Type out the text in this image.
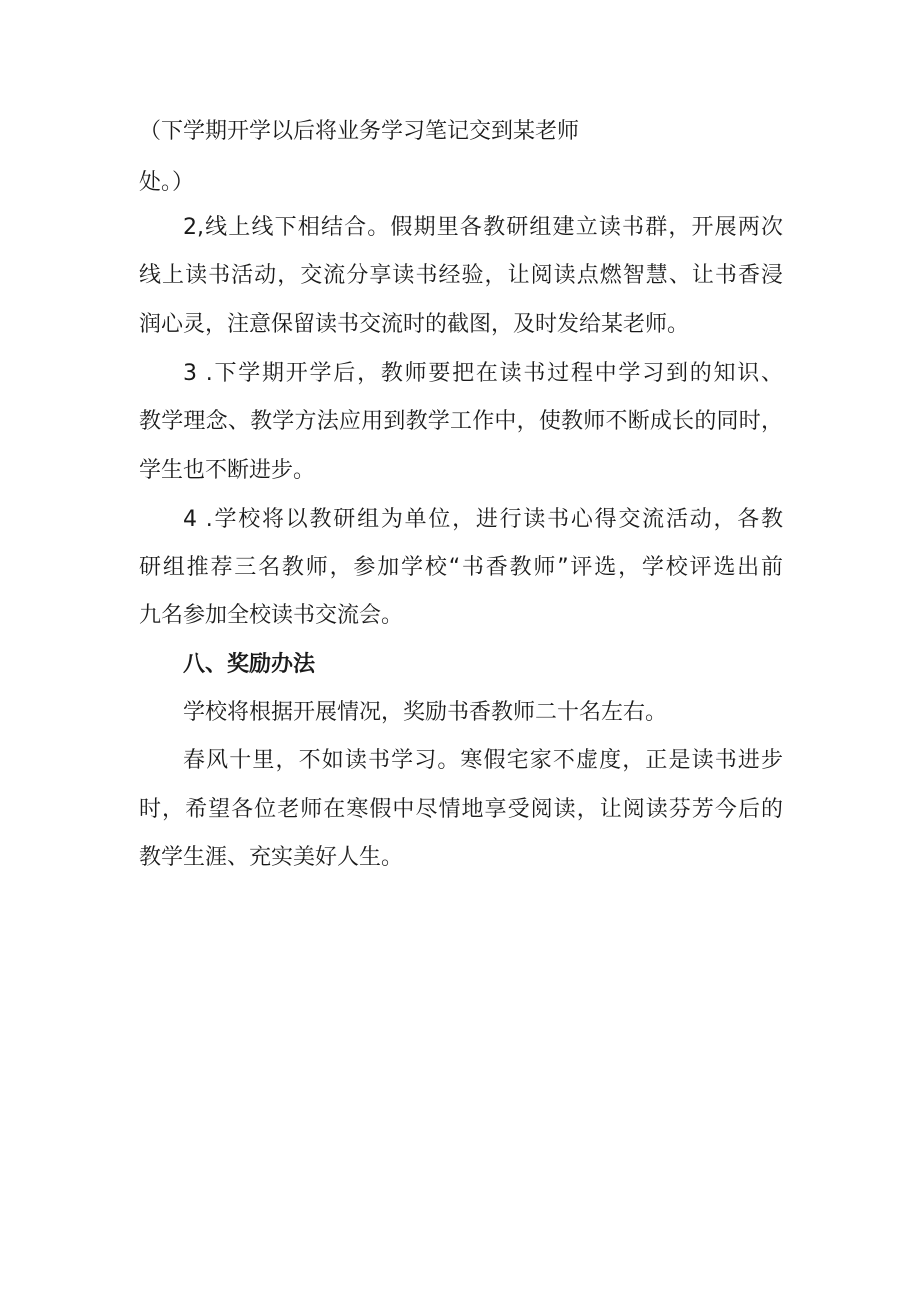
（下学期开学以后将业务学习笔记交到某老师

处。）

2,线上线下相结合。假期里各教研组建立读书群，开展两次

线上读书活动，交流分享读书经验，让阅读点燃智慧、让书香浸

润心灵，注意保留读书交流时的截图，及时发给某老师。

3 .下学期开学后，教师要把在读书过程中学习到的知识、

教学理念、教学方法应用到教学工作中，使教师不断成长的同时，

学生也不断进步。

4 .学校将以教研组为单位，进行读书心得交流活动，各教

研组推荐三名教师，参加学校“书香教师”评选，学校评选出前

九名参加全校读书交流会。

八、奖励办法

学校将根据开展情况，奖励书香教师二十名左右。

春风十里，不如读书学习。寒假宅家不虚度，正是读书进步

时，希望各位老师在寒假中尽情地享受阅读，让阅读芬芳今后的

教学生涯、充实美好人生。
